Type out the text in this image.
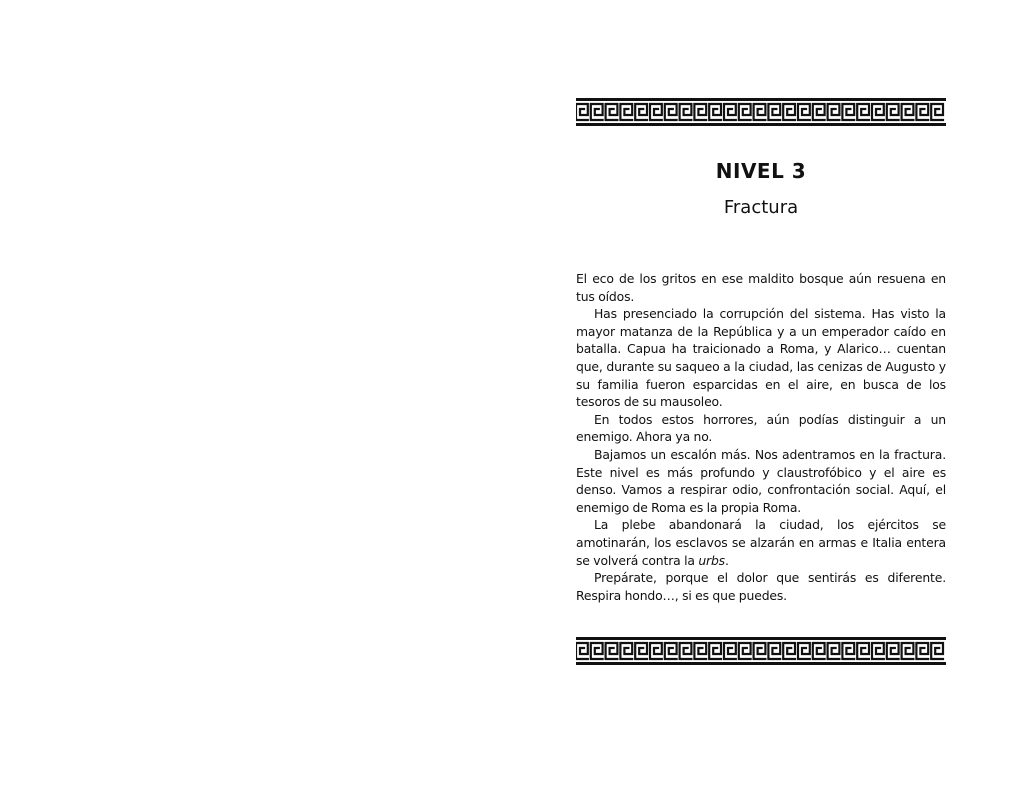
NIVEL 3
Fractura

El eco de los gritos en ese maldito bosque aún resuena en tus oídos.

Has presenciado la corrupción del sistema. Has visto la mayor matanza de la República y a un emperador caído en batalla. Capua ha traicionado a Roma, y Alarico… cuentan que, durante su saqueo a la ciudad, las cenizas de Augusto y su familia fueron esparcidas en el aire, en busca de los tesoros de su mausoleo.

En todos estos horrores, aún podías distinguir a un enemigo. Ahora ya no.

Bajamos un escalón más. Nos adentramos en la fractura. Este nivel es más profundo y claustrofóbico y el aire es denso. Vamos a respirar odio, confrontación social. Aquí, el enemigo de Roma es la propia Roma.

La plebe abandonará la ciudad, los ejércitos se amotinarán, los esclavos se alzarán en armas e Italia entera se volverá contra la urbs.

Prepárate, porque el dolor que sentirás es diferente. Respira hondo…, si es que puedes.
